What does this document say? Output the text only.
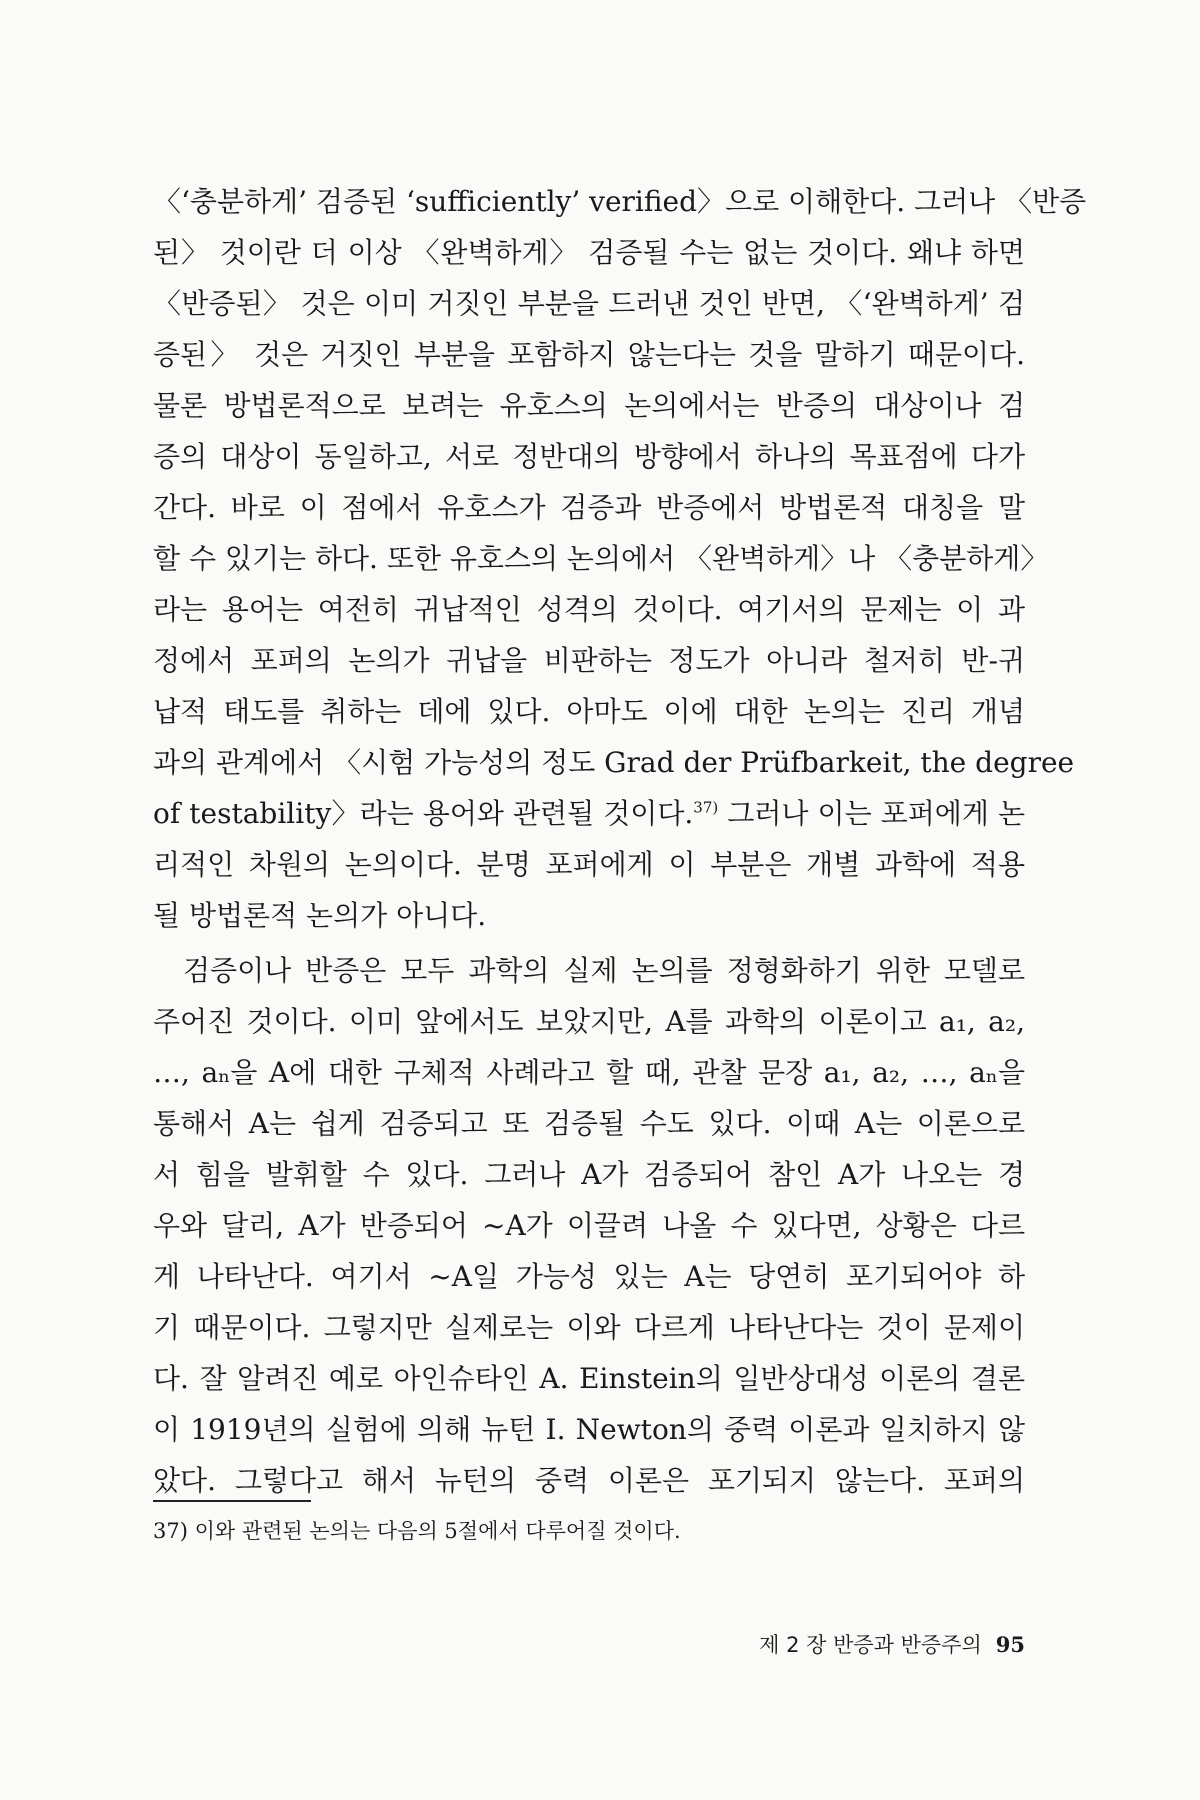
〈‘충분하게’ 검증된 ‘sufficiently’ verified〉으로 이해한다. 그러나 〈반증
된〉 것이란 더 이상 〈완벽하게〉 검증될 수는 없는 것이다. 왜냐 하면
〈반증된〉 것은 이미 거짓인 부분을 드러낸 것인 반면, 〈‘완벽하게’ 검
증된〉 것은 거짓인 부분을 포함하지 않는다는 것을 말하기 때문이다.
물론 방법론적으로 보려는 유호스의 논의에서는 반증의 대상이나 검
증의 대상이 동일하고, 서로 정반대의 방향에서 하나의 목표점에 다가
간다. 바로 이 점에서 유호스가 검증과 반증에서 방법론적 대칭을 말
할 수 있기는 하다. 또한 유호스의 논의에서 〈완벽하게〉나 〈충분하게〉
라는 용어는 여전히 귀납적인 성격의 것이다. 여기서의 문제는 이 과
정에서 포퍼의 논의가 귀납을 비판하는 정도가 아니라 철저히 반-귀
납적 태도를 취하는 데에 있다. 아마도 이에 대한 논의는 진리 개념
과의 관계에서 〈시험 가능성의 정도 Grad der Prüfbarkeit, the degree
of testability〉라는 용어와 관련될 것이다.$^{37)}$ 그러나 이는 포퍼에게 논
리적인 차원의 논의이다. 분명 포퍼에게 이 부분은 개별 과학에 적용
될 방법론적 논의가 아니다.
검증이나 반증은 모두 과학의 실제 논의를 정형화하기 위한 모델로
주어진 것이다. 이미 앞에서도 보았지만, A를 과학의 이론이고 a₁, a₂,
…, aₙ을 A에 대한 구체적 사례라고 할 때, 관찰 문장 a₁, a₂, …, aₙ을
통해서 A는 쉽게 검증되고 또 검증될 수도 있다. 이때 A는 이론으로
서 힘을 발휘할 수 있다. 그러나 A가 검증되어 참인 A가 나오는 경
우와 달리, A가 반증되어 ~A가 이끌려 나올 수 있다면, 상황은 다르
게 나타난다. 여기서 ~A일 가능성 있는 A는 당연히 포기되어야 하
기 때문이다. 그렇지만 실제로는 이와 다르게 나타난다는 것이 문제이
다. 잘 알려진 예로 아인슈타인 A. Einstein의 일반상대성 이론의 결론
이 1919년의 실험에 의해 뉴턴 I. Newton의 중력 이론과 일치하지 않
았다. 그렇다고 해서 뉴턴의 중력 이론은 포기되지 않는다. 포퍼의
37) 이와 관련된 논의는 다음의 5절에서 다루어질 것이다.
제 2 장 반증과 반증주의 95
